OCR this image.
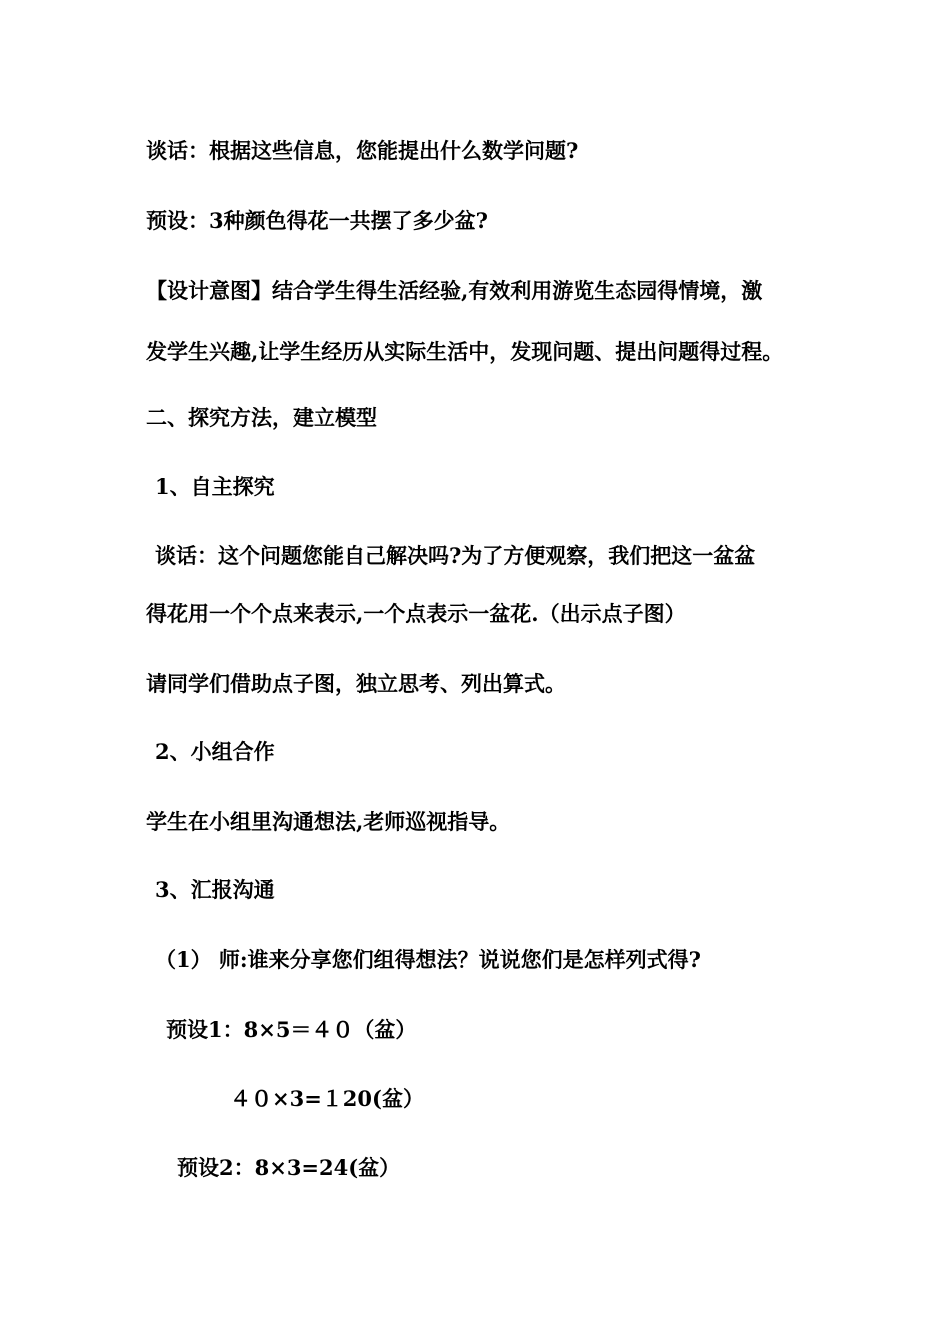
谈话：根据这些信息，您能提出什么数学问题?
预设：3种颜色得花一共摆了多少盆?
【设计意图】结合学生得生活经验,有效利用游览生态园得情境，激
发学生兴趣,让学生经历从实际生活中，发现问题、提出问题得过程。
二、探究方法，建立模型
1、自主探究
谈话：这个问题您能自己解决吗?为了方便观察，我们把这一盆盆
得花用一个个点来表示,一个点表示一盆花.（出示点子图）
请同学们借助点子图，独立思考、列出算式。
2、小组合作
学生在小组里沟通想法,老师巡视指导。
3、汇报沟通
（1） 师:谁来分享您们组得想法？说说您们是怎样列式得?
预设1：8×5＝４０（盆）
４０×3=１20(盆）
预设2：8×3=24(盆）
